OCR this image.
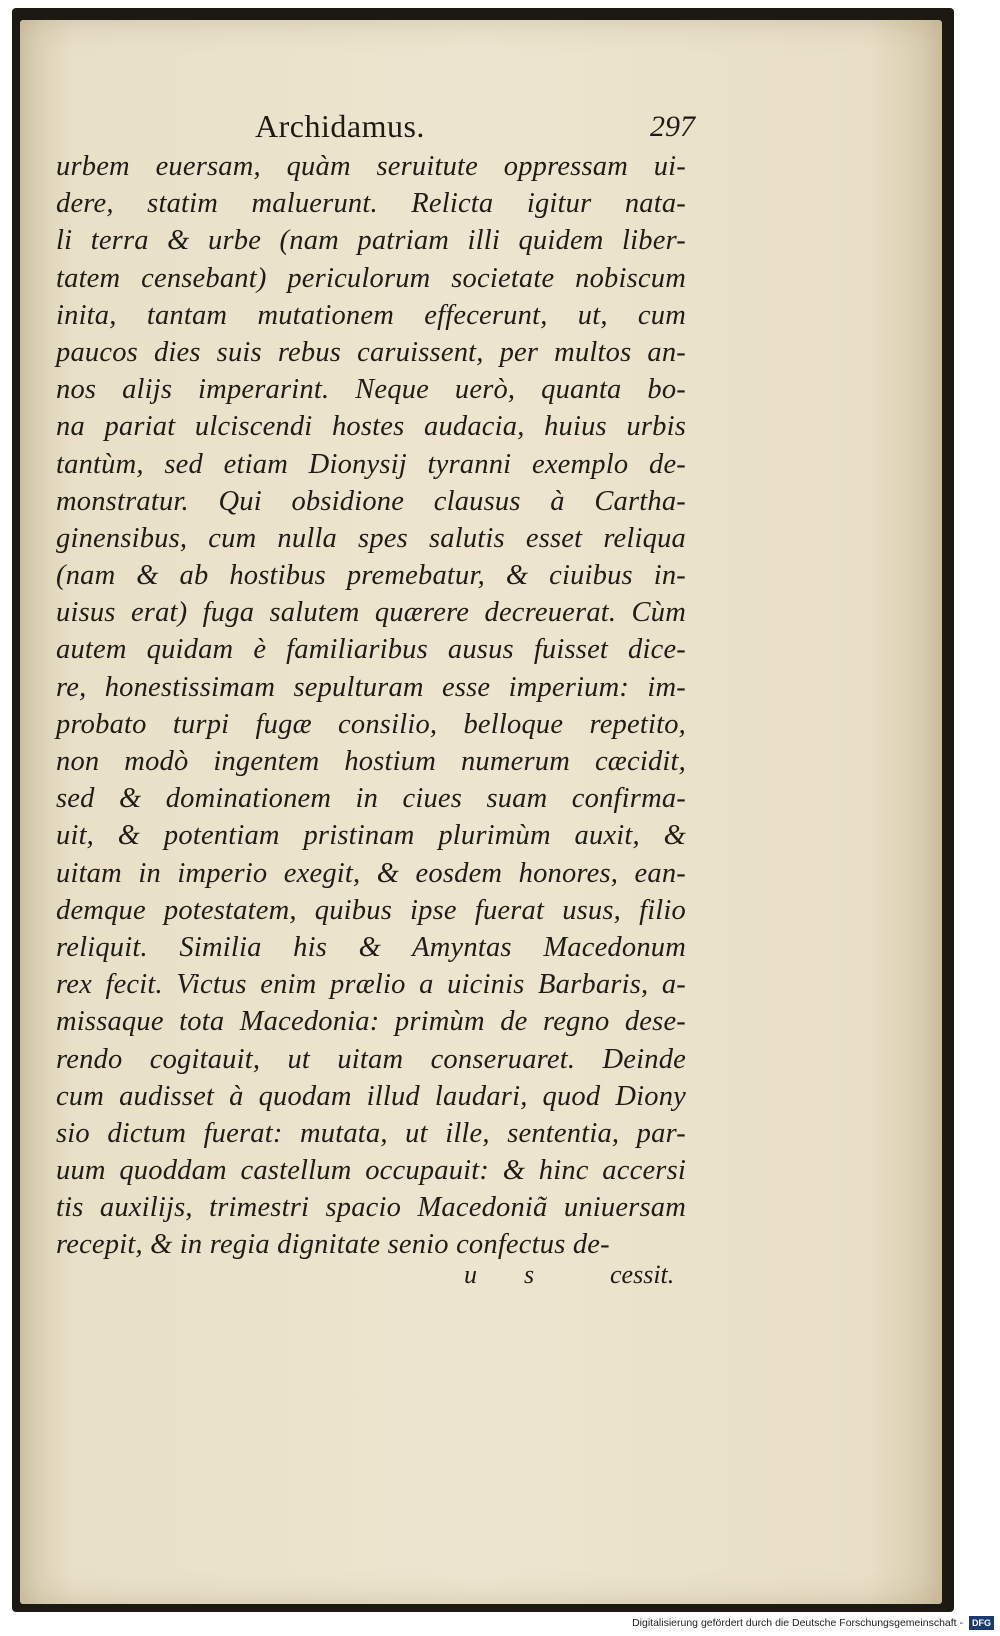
Archidamus.	297
urbem euersam, quàm seruitute oppressam ui-
dere, statim maluerunt. Relicta igitur nata-
li terra & urbe (nam patriam illi quidem liber-
tatem censebant) periculorum societate nobiscum
inita, tantam mutationem effecerunt, ut, cum
paucos dies suis rebus caruissent, per multos an-
nos alijs imperarint. Neque uerò, quanta bo-
na pariat ulciscendi hostes audacia, huius urbis
tantùm, sed etiam Dionysij tyranni exemplo de-
monstratur. Qui obsidione clausus à Cartha-
ginensibus, cum nulla spes salutis esset reliqua
(nam & ab hostibus premebatur, & ciuibus in-
uisus erat) fuga salutem quærere decreuerat. Cùm
autem quidam è familiaribus ausus fuisset dice-
re, honestissimam sepulturam esse imperium: im-
probato turpi fugæ consilio, belloque repetito,
non modò ingentem hostium numerum cæcidit,
sed & dominationem in ciues suam confirma-
uit, & potentiam pristinam plurimùm auxit, &
uitam in imperio exegit, & eosdem honores, ean-
demque potestatem, quibus ipse fuerat usus, filio
reliquit. Similia his & Amyntas Macedonum
rex fecit. Victus enim prælio a uicinis Barbaris, a-
missaque tota Macedonia: primùm de regno dese-
rendo cogitauit, ut uitam conseruaret. Deinde
cum audisset à quodam illud laudari, quod Diony
sio dictum fuerat: mutata, ut ille, sententia, par-
uum quoddam castellum occupauit: & hinc accersi
tis auxilijs, trimestri spacio Macedoniã uniuersam
recepit, & in regia dignitate senio confectus de-
u s	cessit.
Digitalisierung gefördert durch die Deutsche Forschungsgemeinschaft -	DFG
